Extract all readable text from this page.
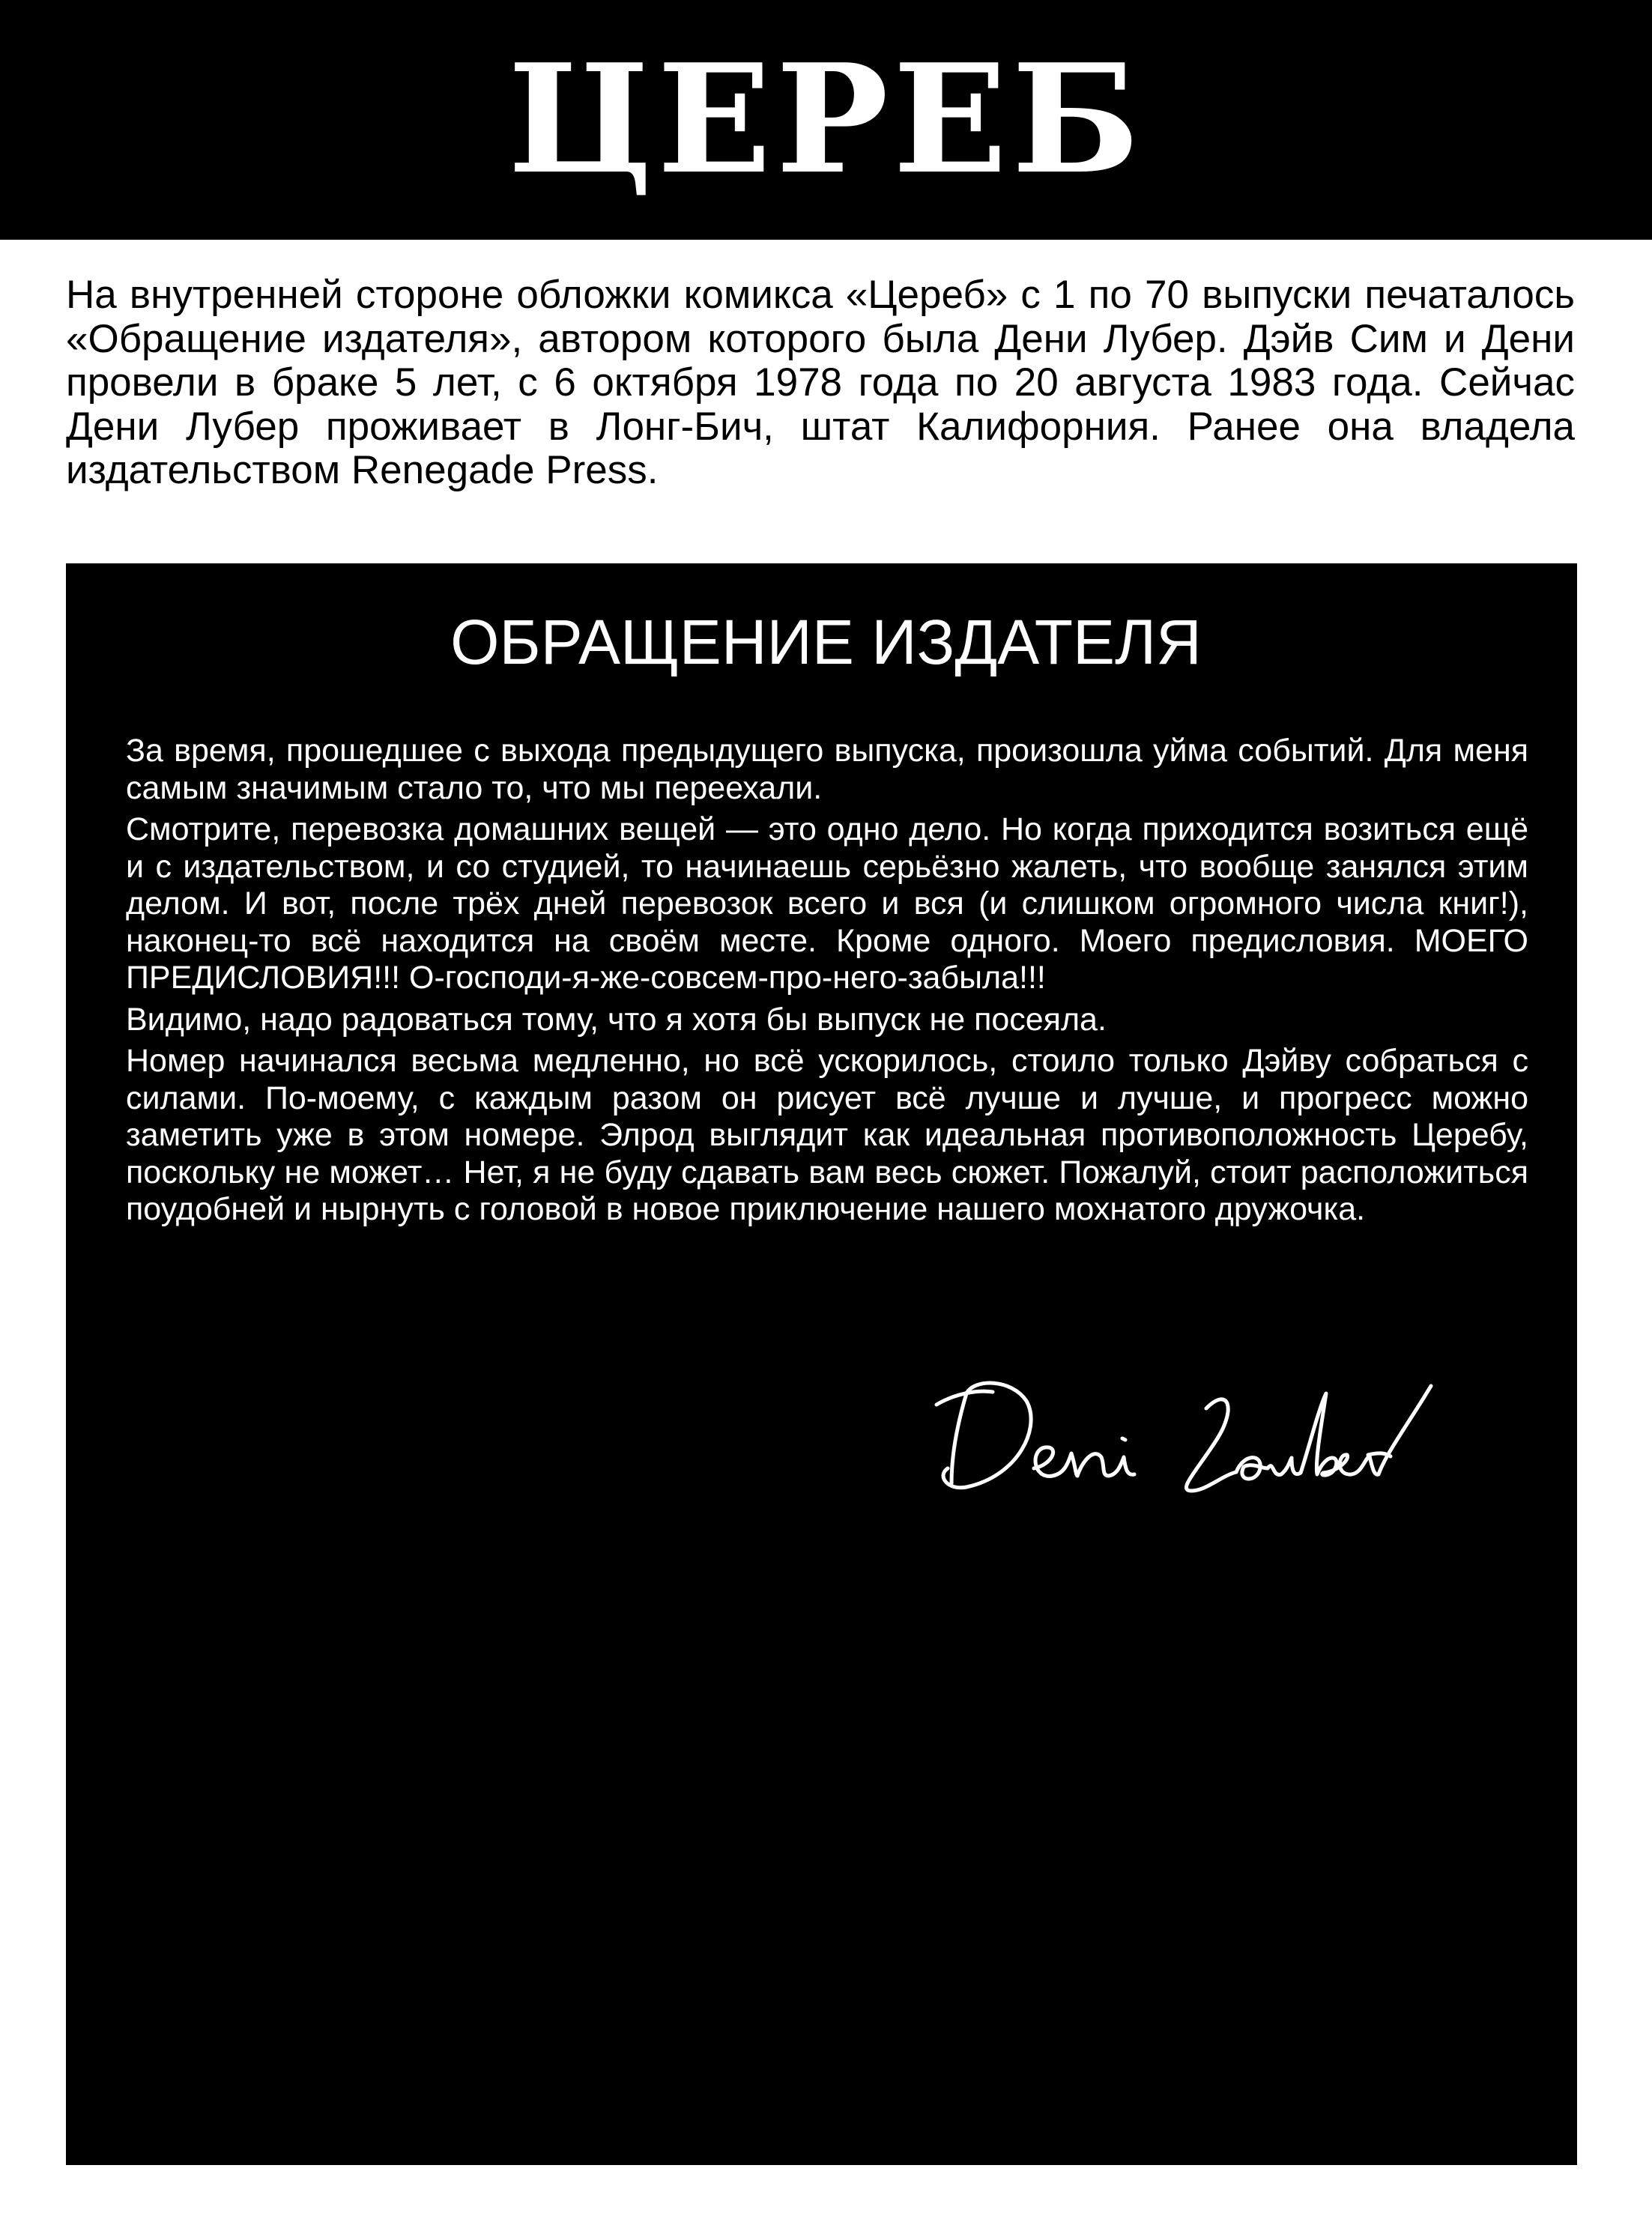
ЦЕРЕБ

На внутренней стороне обложки комикса «Цереб» с 1 по 70 выпуски печаталось «Обращение издателя», автором которого была Дени Лубер. Дэйв Сим и Дени провели в браке 5 лет, с 6 октября 1978 года по 20 августа 1983 года. Сейчас Дени Лубер проживает в Лонг-Бич, штат Калифорния. Ранее она владела издательством Renegade Press.

ОБРАЩЕНИЕ ИЗДАТЕЛЯ

За время, прошедшее с выхода предыдущего выпуска, произошла уйма событий. Для меня самым значимым стало то, что мы переехали.

Смотрите, перевозка домашних вещей — это одно дело. Но когда приходится возиться ещё и с издательством, и со студией, то начинаешь серьёзно жалеть, что вообще занялся этим делом. И вот, после трёх дней перевозок всего и вся (и слишком огромного числа книг!), наконец-то всё находится на своём месте. Кроме одного. Моего предисловия. МОЕГО ПРЕДИСЛОВИЯ!!! О-господи-я-же-совсем-про-него-забыла!!!

Видимо, надо радоваться тому, что я хотя бы выпуск не посеяла.

Номер начинался весьма медленно, но всё ускорилось, стоило только Дэйву собраться с силами. По-моему, с каждым разом он рисует всё лучше и лучше, и прогресс можно заметить уже в этом номере. Элрод выглядит как идеальная противоположность Церебу, поскольку не может… Нет, я не буду сдавать вам весь сюжет. Пожалуй, стоит расположиться поудобней и нырнуть с головой в новое приключение нашего мохнатого дружочка.
